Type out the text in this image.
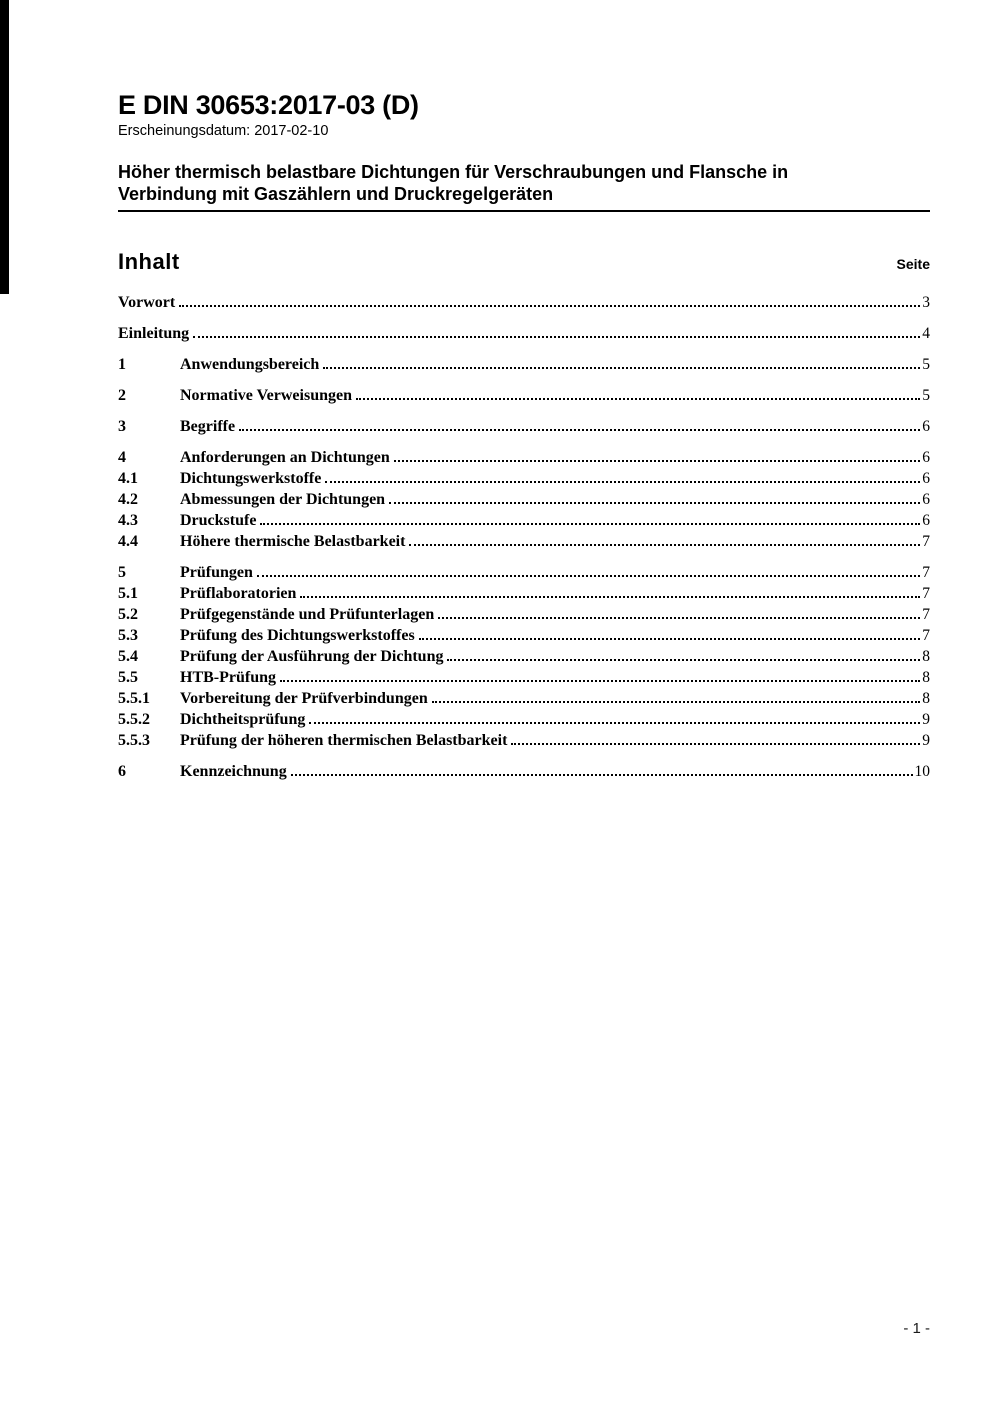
E DIN 30653:2017-03 (D)
Erscheinungsdatum: 2017-02-10
Höher thermisch belastbare Dichtungen für Verschraubungen und Flansche in
Verbindung mit Gaszählern und Druckregelgeräten
Inhalt	Seite
Vorwort	3
Einleitung	4
1	Anwendungsbereich	5
2	Normative Verweisungen	5
3	Begriffe	6
4	Anforderungen an Dichtungen	6
4.1	Dichtungswerkstoffe	6
4.2	Abmessungen der Dichtungen	6
4.3	Druckstufe	6
4.4	Höhere thermische Belastbarkeit	7
5	Prüfungen	7
5.1	Prüflaboratorien	7
5.2	Prüfgegenstände und Prüfunterlagen	7
5.3	Prüfung des Dichtungswerkstoffes	7
5.4	Prüfung der Ausführung der Dichtung	8
5.5	HTB-Prüfung	8
5.5.1	Vorbereitung der Prüfverbindungen	8
5.5.2	Dichtheitsprüfung	9
5.5.3	Prüfung der höheren thermischen Belastbarkeit	9
6	Kennzeichnung	10
- 1 -
